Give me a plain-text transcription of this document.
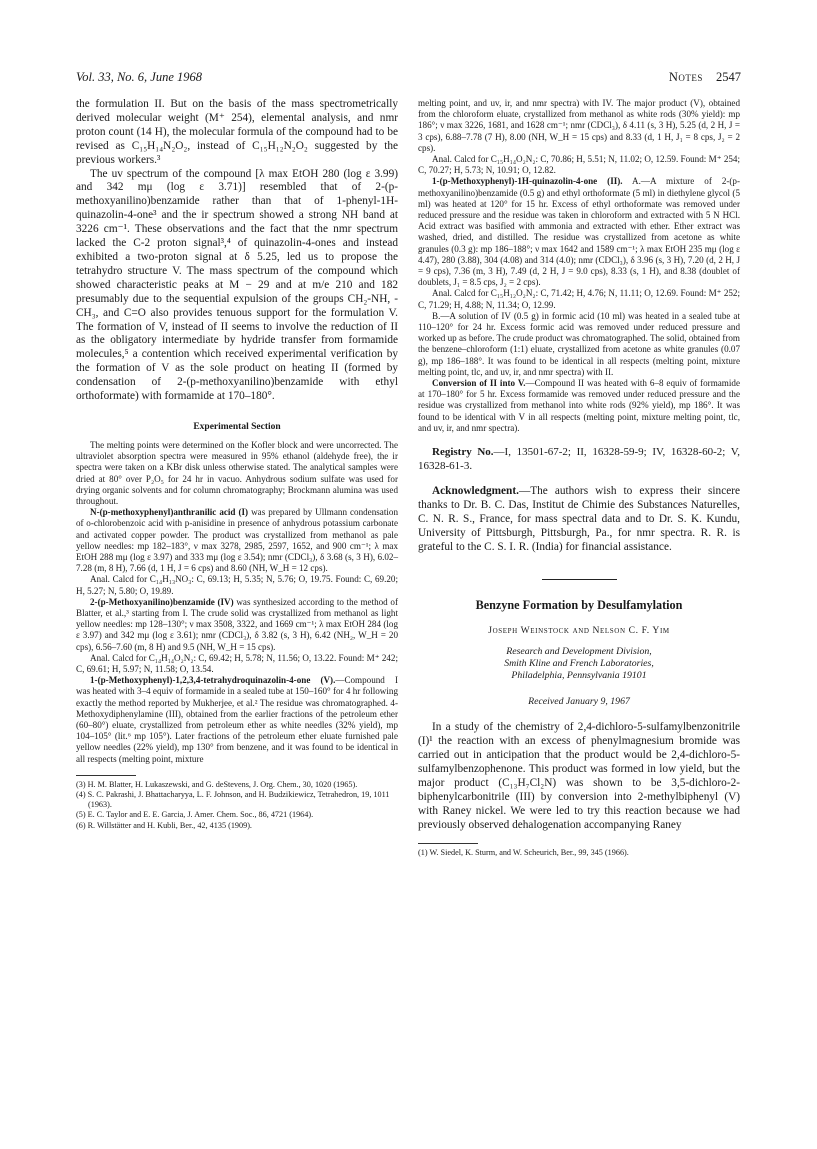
Vol. 33, No. 6, June 1968	Notes 2547

the formulation II. But on the basis of the mass spectrometrically derived molecular weight (M⁺ 254), elemental analysis, and nmr proton count (14 H), the molecular formula of the compound had to be revised as C₁₅H₁₄N₂O₂, instead of C₁₅H₁₂N₂O₂ suggested by the previous workers.³

The uv spectrum of the compound [λ max EtOH 280 (log ε 3.99) and 342 mμ (log ε 3.71)] resembled that of 2-(p-methoxyanilino)benzamide rather than that of 1-phenyl-1H-quinazolin-4-one³ and the ir spectrum showed a strong NH band at 3226 cm⁻¹. These observations and the fact that the nmr spectrum lacked the C-2 proton signal³,⁴ of quinazolin-4-ones and instead exhibited a two-proton signal at δ 5.25, led us to propose the tetrahydro structure V. The mass spectrum of the compound which showed characteristic peaks at M − 29 and at m/e 210 and 182 presumably due to the sequential expulsion of the groups CH₂-NH, -CH₃, and C=O also provides tenuous support for the formulation V. The formation of V, instead of II seems to involve the reduction of II as the obligatory intermediate by hydride transfer from formamide molecules,⁵ a contention which received experimental verification by the formation of V as the sole product on heating II (formed by condensation of 2-(p-methoxyanilino)benzamide with ethyl orthoformate) with formamide at 170–180°.

Experimental Section

The melting points were determined on the Kofler block and were uncorrected. The ultraviolet absorption spectra were measured in 95% ethanol (aldehyde free), the ir spectra were taken on a KBr disk unless otherwise stated. The analytical samples were dried at 80° over P₂O₅ for 24 hr in vacuo. Anhydrous sodium sulfate was used for drying organic solvents and for column chromatography; Brockmann alumina was used throughout.

N-(p-methoxyphenyl)anthranilic acid (I) was prepared by Ullmann condensation of o-chlorobenzoic acid with p-anisidine in presence of anhydrous potassium carbonate and activated copper powder. The product was crystallized from methanol as pale yellow needles: mp 182–183°, ν max 3278, 2985, 2597, 1652, and 900 cm⁻¹; λ max EtOH 288 mμ (log ε 3.97) and 333 mμ (log ε 3.54); nmr (CDCl₃), δ 3.68 (s, 3 H), 6.02–7.28 (m, 8 H), 7.66 (d, 1 H, J = 6 cps) and 8.60 (NH, W_H = 12 cps).

Anal. Calcd for C₁₄H₁₃NO₃: C, 69.13; H, 5.35; N, 5.76; O, 19.75. Found: C, 69.20; H, 5.27; N, 5.80; O, 19.89.

2-(p-Methoxyanilino)benzamide (IV) was synthesized according to the method of Blatter, et al.,³ starting from I. The crude solid was crystallized from methanol as light yellow needles: mp 128–130°; ν max 3508, 3322, and 1669 cm⁻¹; λ max EtOH 284 (log ε 3.97) and 342 mμ (log ε 3.61); nmr (CDCl₃), δ 3.82 (s, 3 H), 6.42 (NH₂, W_H = 20 cps), 6.56–7.60 (m, 8 H) and 9.5 (NH, W_H = 15 cps).

Anal. Calcd for C₁₄H₁₄O₂N₂: C, 69.42; H, 5.78; N, 11.56; O, 13.22. Found: M⁺ 242; C, 69.61; H, 5.97; N, 11.58; O, 13.54.

1-(p-Methoxyphenyl)-1,2,3,4-tetrahydroquinazolin-4-one (V).—Compound I was heated with 3–4 equiv of formamide in a sealed tube at 150–160° for 4 hr following exactly the method reported by Mukherjee, et al.² The residue was chromatographed. 4-Methoxydiphenylamine (III), obtained from the earlier fractions of the petroleum ether (60–80°) eluate, crystallized from petroleum ether as white needles (32% yield), mp 104–105° (lit.⁶ mp 105°). Later fractions of the petroleum ether eluate furnished pale yellow needles (22% yield), mp 130° from benzene, and it was found to be identical in all respects (melting point, mixture

(3) H. M. Blatter, H. Lukaszewski, and G. deStevens, J. Org. Chem., 30, 1020 (1965).

(4) S. C. Pakrashi, J. Bhattacharyya, L. F. Johnson, and H. Budzikiewicz, Tetrahedron, 19, 1011 (1963).

(5) E. C. Taylor and E. E. Garcia, J. Amer. Chem. Soc., 86, 4721 (1964).

(6) R. Willstätter and H. Kubli, Ber., 42, 4135 (1909).

melting point, and uv, ir, and nmr spectra) with IV. The major product (V), obtained from the chloroform eluate, crystallized from methanol as white rods (30% yield): mp 186°; ν max 3226, 1681, and 1628 cm⁻¹; nmr (CDCl₃), δ 4.11 (s, 3 H), 5.25 (d, 2 H, J = 3 cps), 6.88–7.78 (7 H), 8.00 (NH, W_H = 15 cps) and 8.33 (d, 1 H, J₁ = 8 cps, J₂ = 2 cps).

Anal. Calcd for C₁₅H₁₄O₂N₂: C, 70.86; H, 5.51; N, 11.02; O, 12.59. Found: M⁺ 254; C, 70.27; H, 5.73; N, 10.91; O, 12.82.

1-(p-Methoxyphenyl)-1H-quinazolin-4-one (II). A.—A mixture of 2-(p-methoxyanilino)benzamide (0.5 g) and ethyl orthoformate (5 ml) in diethylene glycol (5 ml) was heated at 120° for 15 hr. Excess of ethyl orthoformate was removed under reduced pressure and the residue was taken in chloroform and extracted with 5 N HCl. Acid extract was basified with ammonia and extracted with ether. Ether extract was washed, dried, and distilled. The residue was crystallized from acetone as white granules (0.3 g): mp 186–188°; ν max 1642 and 1589 cm⁻¹; λ max EtOH 235 mμ (log ε 4.47), 280 (3.88), 304 (4.08) and 314 (4.0); nmr (CDCl₃), δ 3.96 (s, 3 H), 7.20 (d, 2 H, J = 9 cps), 7.36 (m, 3 H), 7.49 (d, 2 H, J = 9.0 cps), 8.33 (s, 1 H), and 8.38 (doublet of doublets, J₁ = 8.5 cps, J₂ = 2 cps).

Anal. Calcd for C₁₅H₁₂O₂N₂: C, 71.42; H, 4.76; N, 11.11; O, 12.69. Found: M⁺ 252; C, 71.29; H, 4.88; N, 11.34; O, 12.99.

B.—A solution of IV (0.5 g) in formic acid (10 ml) was heated in a sealed tube at 110–120° for 24 hr. Excess formic acid was removed under reduced pressure and worked up as before. The crude product was chromatographed. The solid, obtained from the benzene–chloroform (1:1) eluate, crystallized from acetone as white granules (0.07 g), mp 186–188°. It was found to be identical in all respects (melting point, mixture melting point, tlc, and uv, ir, and nmr spectra) with II.

Conversion of II into V.—Compound II was heated with 6–8 equiv of formamide at 170–180° for 5 hr. Excess formamide was removed under reduced pressure and the residue was crystallized from methanol into white rods (92% yield), mp 186°. It was found to be identical with V in all respects (melting point, mixture melting point, tlc, and uv, ir, and nmr spectra).

Registry No.—I, 13501-67-2; II, 16328-59-9; IV, 16328-60-2; V, 16328-61-3.

Acknowledgment.—The authors wish to express their sincere thanks to Dr. B. C. Das, Institut de Chimie des Substances Naturelles, C. N. R. S., France, for mass spectral data and to Dr. S. K. Kundu, University of Pittsburgh, Pittsburgh, Pa., for nmr spectra. R. R. is grateful to the C. S. I. R. (India) for financial assistance.

Benzyne Formation by Desulfamylation
Joseph Weinstock and Nelson C. F. Yim
Research and Development Division,
Smith Kline and French Laboratories,
Philadelphia, Pennsylvania 19101
Received January 9, 1967

In a study of the chemistry of 2,4-dichloro-5-sulfamylbenzonitrile (I)¹ the reaction with an excess of phenylmagnesium bromide was carried out in anticipation that the product would be 2,4-dichloro-5-sulfamylbenzophenone. This product was formed in low yield, but the major product (C₁₃H₇Cl₂N) was shown to be 3,5-dichloro-2-biphenylcarbonitrile (III) by conversion into 2-methylbiphenyl (V) with Raney nickel. We were led to try this reaction because we had previously observed dehalogenation accompanying Raney

(1) W. Siedel, K. Sturm, and W. Scheurich, Ber., 99, 345 (1966).
